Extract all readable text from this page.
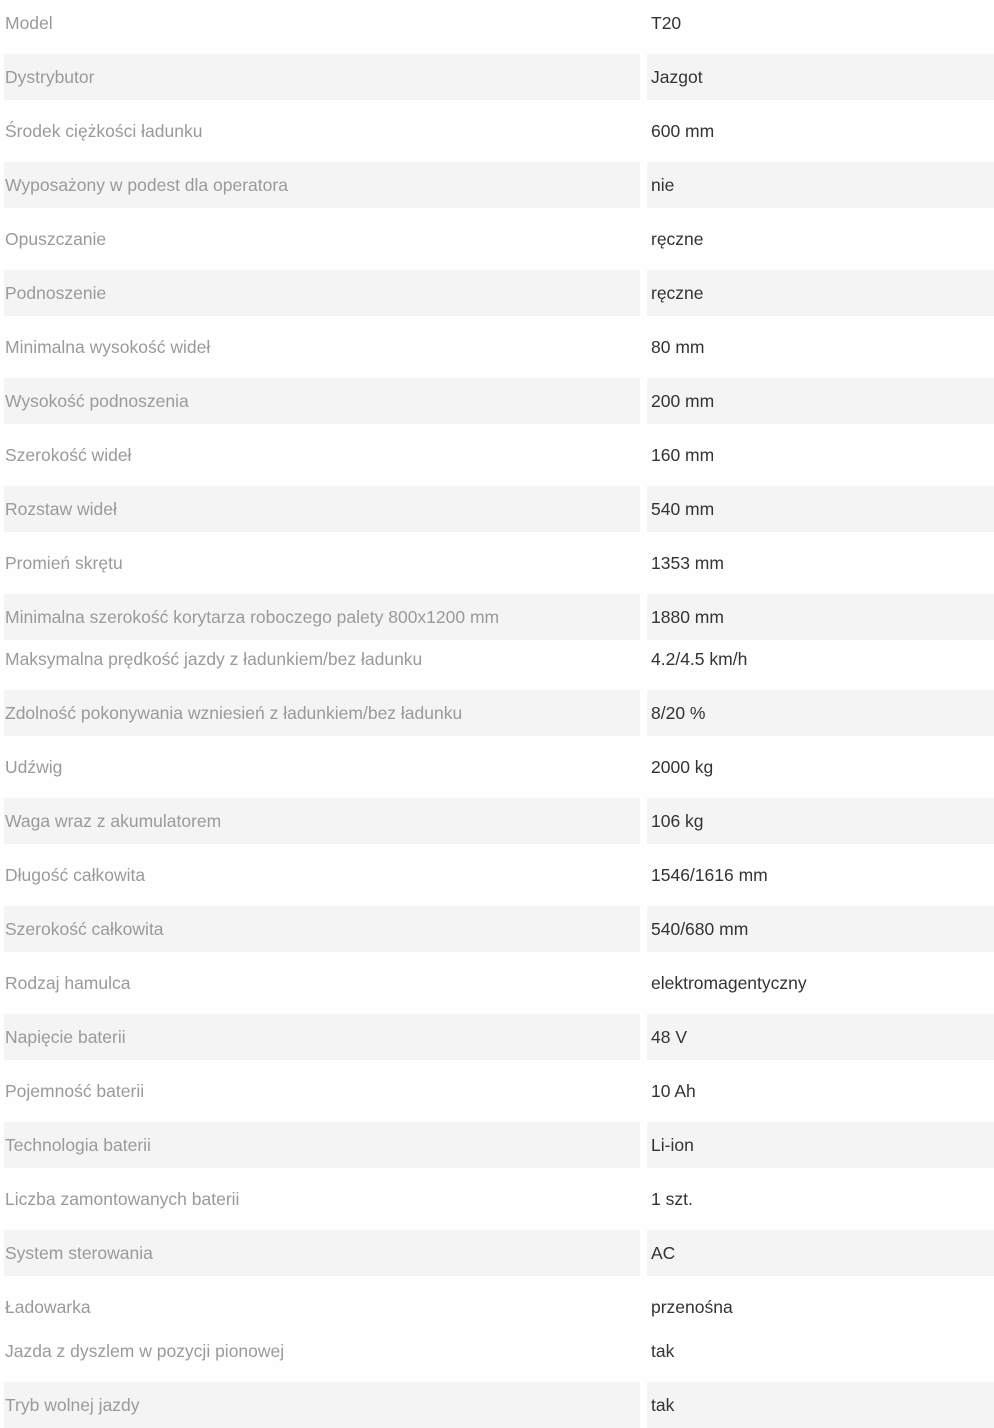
Model	T20
Dystrybutor	Jazgot
Środek ciężkości ładunku	600 mm
Wyposażony w podest dla operatora	nie
Opuszczanie	ręczne
Podnoszenie	ręczne
Minimalna wysokość wideł	80 mm
Wysokość podnoszenia	200 mm
Szerokość wideł	160 mm
Rozstaw wideł	540 mm
Promień skrętu	1353 mm
Minimalna szerokość korytarza roboczego palety 800x1200 mm	1880 mm
Maksymalna prędkość jazdy z ładunkiem/bez ładunku	4.2/4.5 km/h
Zdolność pokonywania wzniesień z ładunkiem/bez ładunku	8/20 %
Udźwig	2000 kg
Waga wraz z akumulatorem	106 kg
Długość całkowita	1546/1616 mm
Szerokość całkowita	540/680 mm
Rodzaj hamulca	elektromagentyczny
Napięcie baterii	48 V
Pojemność baterii	10 Ah
Technologia baterii	Li-ion
Liczba zamontowanych baterii	1 szt.
System sterowania	AC
Ładowarka	przenośna
Jazda z dyszlem w pozycji pionowej	tak
Tryb wolnej jazdy	tak
